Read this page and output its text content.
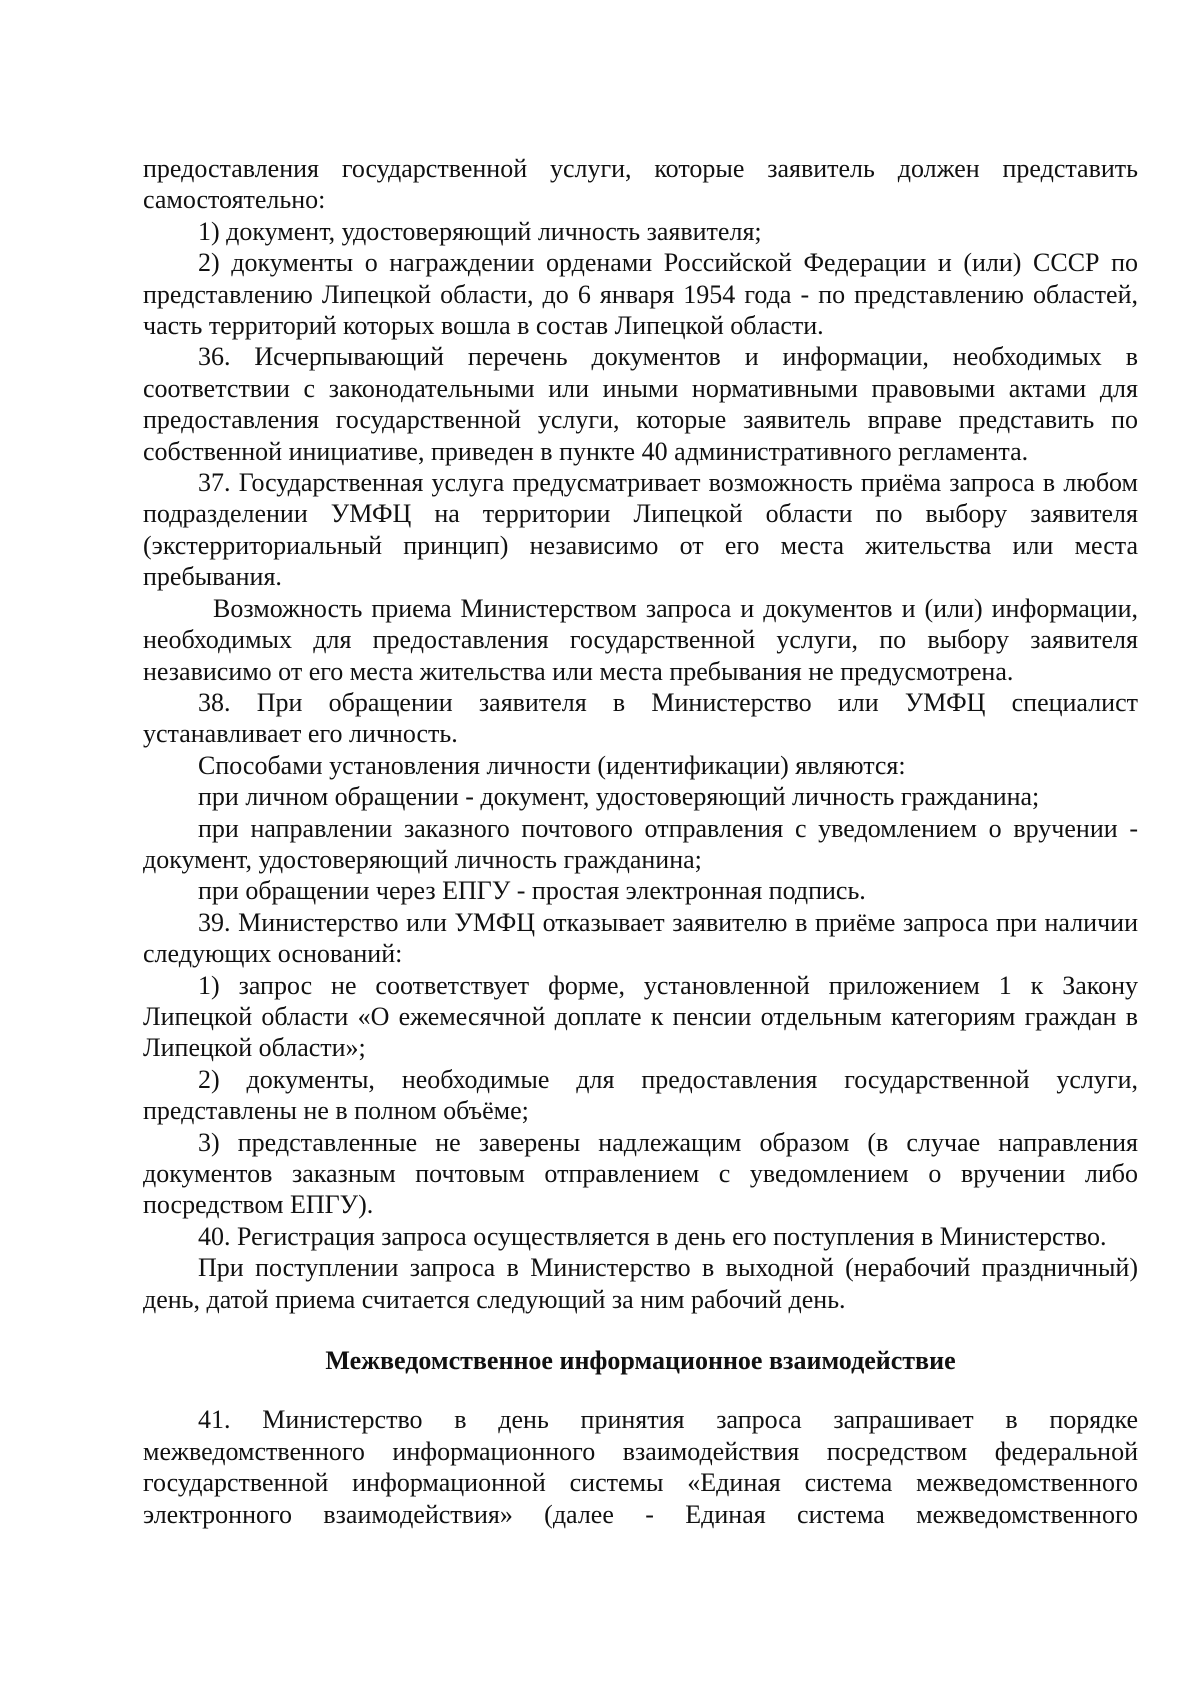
предоставления государственной услуги, которые заявитель должен представить самостоятельно:

1) документ, удостоверяющий личность заявителя;

2) документы о награждении орденами Российской Федерации и (или) СССР по представлению Липецкой области, до 6 января 1954 года - по представлению областей, часть территорий которых вошла в состав Липецкой области.

36. Исчерпывающий перечень документов и информации, необходимых в соответствии с законодательными или иными нормативными правовыми актами для предоставления государственной услуги, которые заявитель вправе представить по собственной инициативе, приведен в пункте 40 административного регламента.

37. Государственная услуга предусматривает возможность приёма запроса в любом подразделении УМФЦ на территории Липецкой области по выбору заявителя (экстерриториальный принцип) независимо от его места жительства или места пребывания.

Возможность приема Министерством запроса и документов и (или) информации, необходимых для предоставления государственной услуги, по выбору заявителя независимо от его места жительства или места пребывания не предусмотрена.

38. При обращении заявителя в Министерство или УМФЦ специалист устанавливает его личность.

Способами установления личности (идентификации) являются:

при личном обращении - документ, удостоверяющий личность гражданина;

при направлении заказного почтового отправления с уведомлением о вручении - документ, удостоверяющий личность гражданина;

при обращении через ЕПГУ - простая электронная подпись.

39. Министерство или УМФЦ отказывает заявителю в приёме запроса при наличии следующих оснований:

1) запрос не соответствует форме, установленной приложением 1 к Закону Липецкой области «О ежемесячной доплате к пенсии отдельным категориям граждан в Липецкой области»;

2) документы, необходимые для предоставления государственной услуги, представлены не в полном объёме;

3) представленные не заверены надлежащим образом (в случае направления документов заказным почтовым отправлением с уведомлением о вручении либо посредством ЕПГУ).

40. Регистрация запроса осуществляется в день его поступления в Министерство.

При поступлении запроса в Министерство в выходной (нерабочий праздничный) день, датой приема считается следующий за ним рабочий день.

Межведомственное информационное взаимодействие

41. Министерство в день принятия запроса запрашивает в порядке межведомственного информационного взаимодействия посредством федеральной государственной информационной системы «Единая система межведомственного электронного взаимодействия» (далее - Единая система межведомственного
